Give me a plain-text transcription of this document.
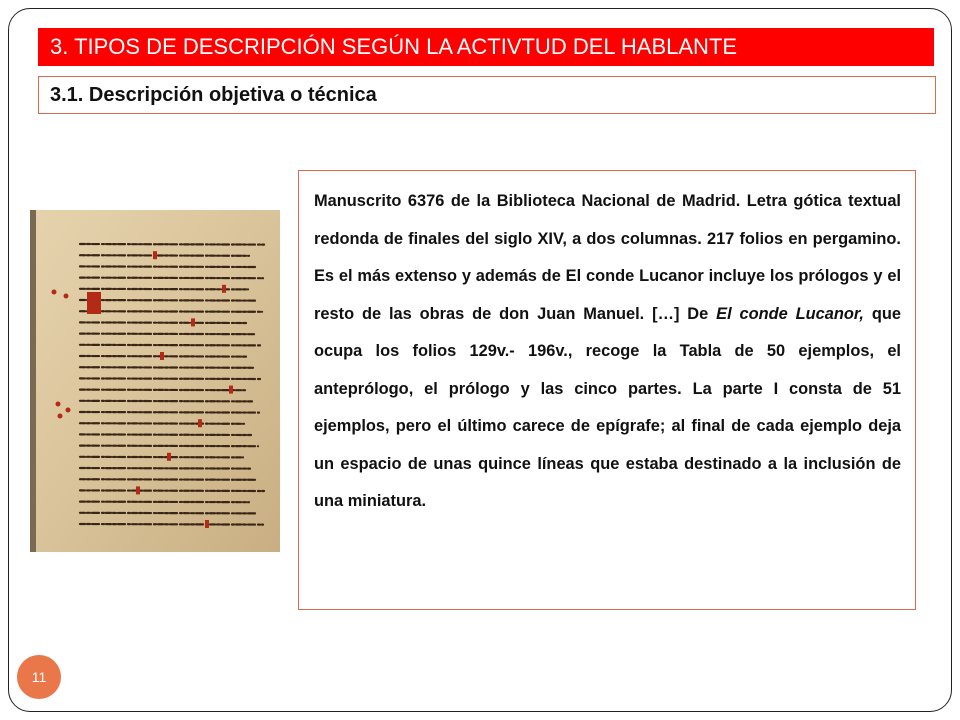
3. TIPOS DE DESCRIPCIÓN SEGÚN LA ACTIVTUD DEL HABLANTE
3.1. Descripción objetiva o técnica

Manuscrito 6376 de la Biblioteca Nacional de Madrid. Letra gótica textual redonda de finales del siglo XIV, a dos columnas. 217 folios en pergamino. Es el más extenso y además de El conde Lucanor incluye los prólogos y el resto de las obras de don Juan Manuel. […] De El conde Lucanor, que ocupa los folios 129v.- 196v., recoge la Tabla de 50 ejemplos, el anteprólogo, el prólogo y las cinco partes. La parte I consta de 51 ejemplos, pero el último carece de epígrafe; al final de cada ejemplo deja un espacio de unas quince líneas que estaba destinado a la inclusión de una miniatura.

11
